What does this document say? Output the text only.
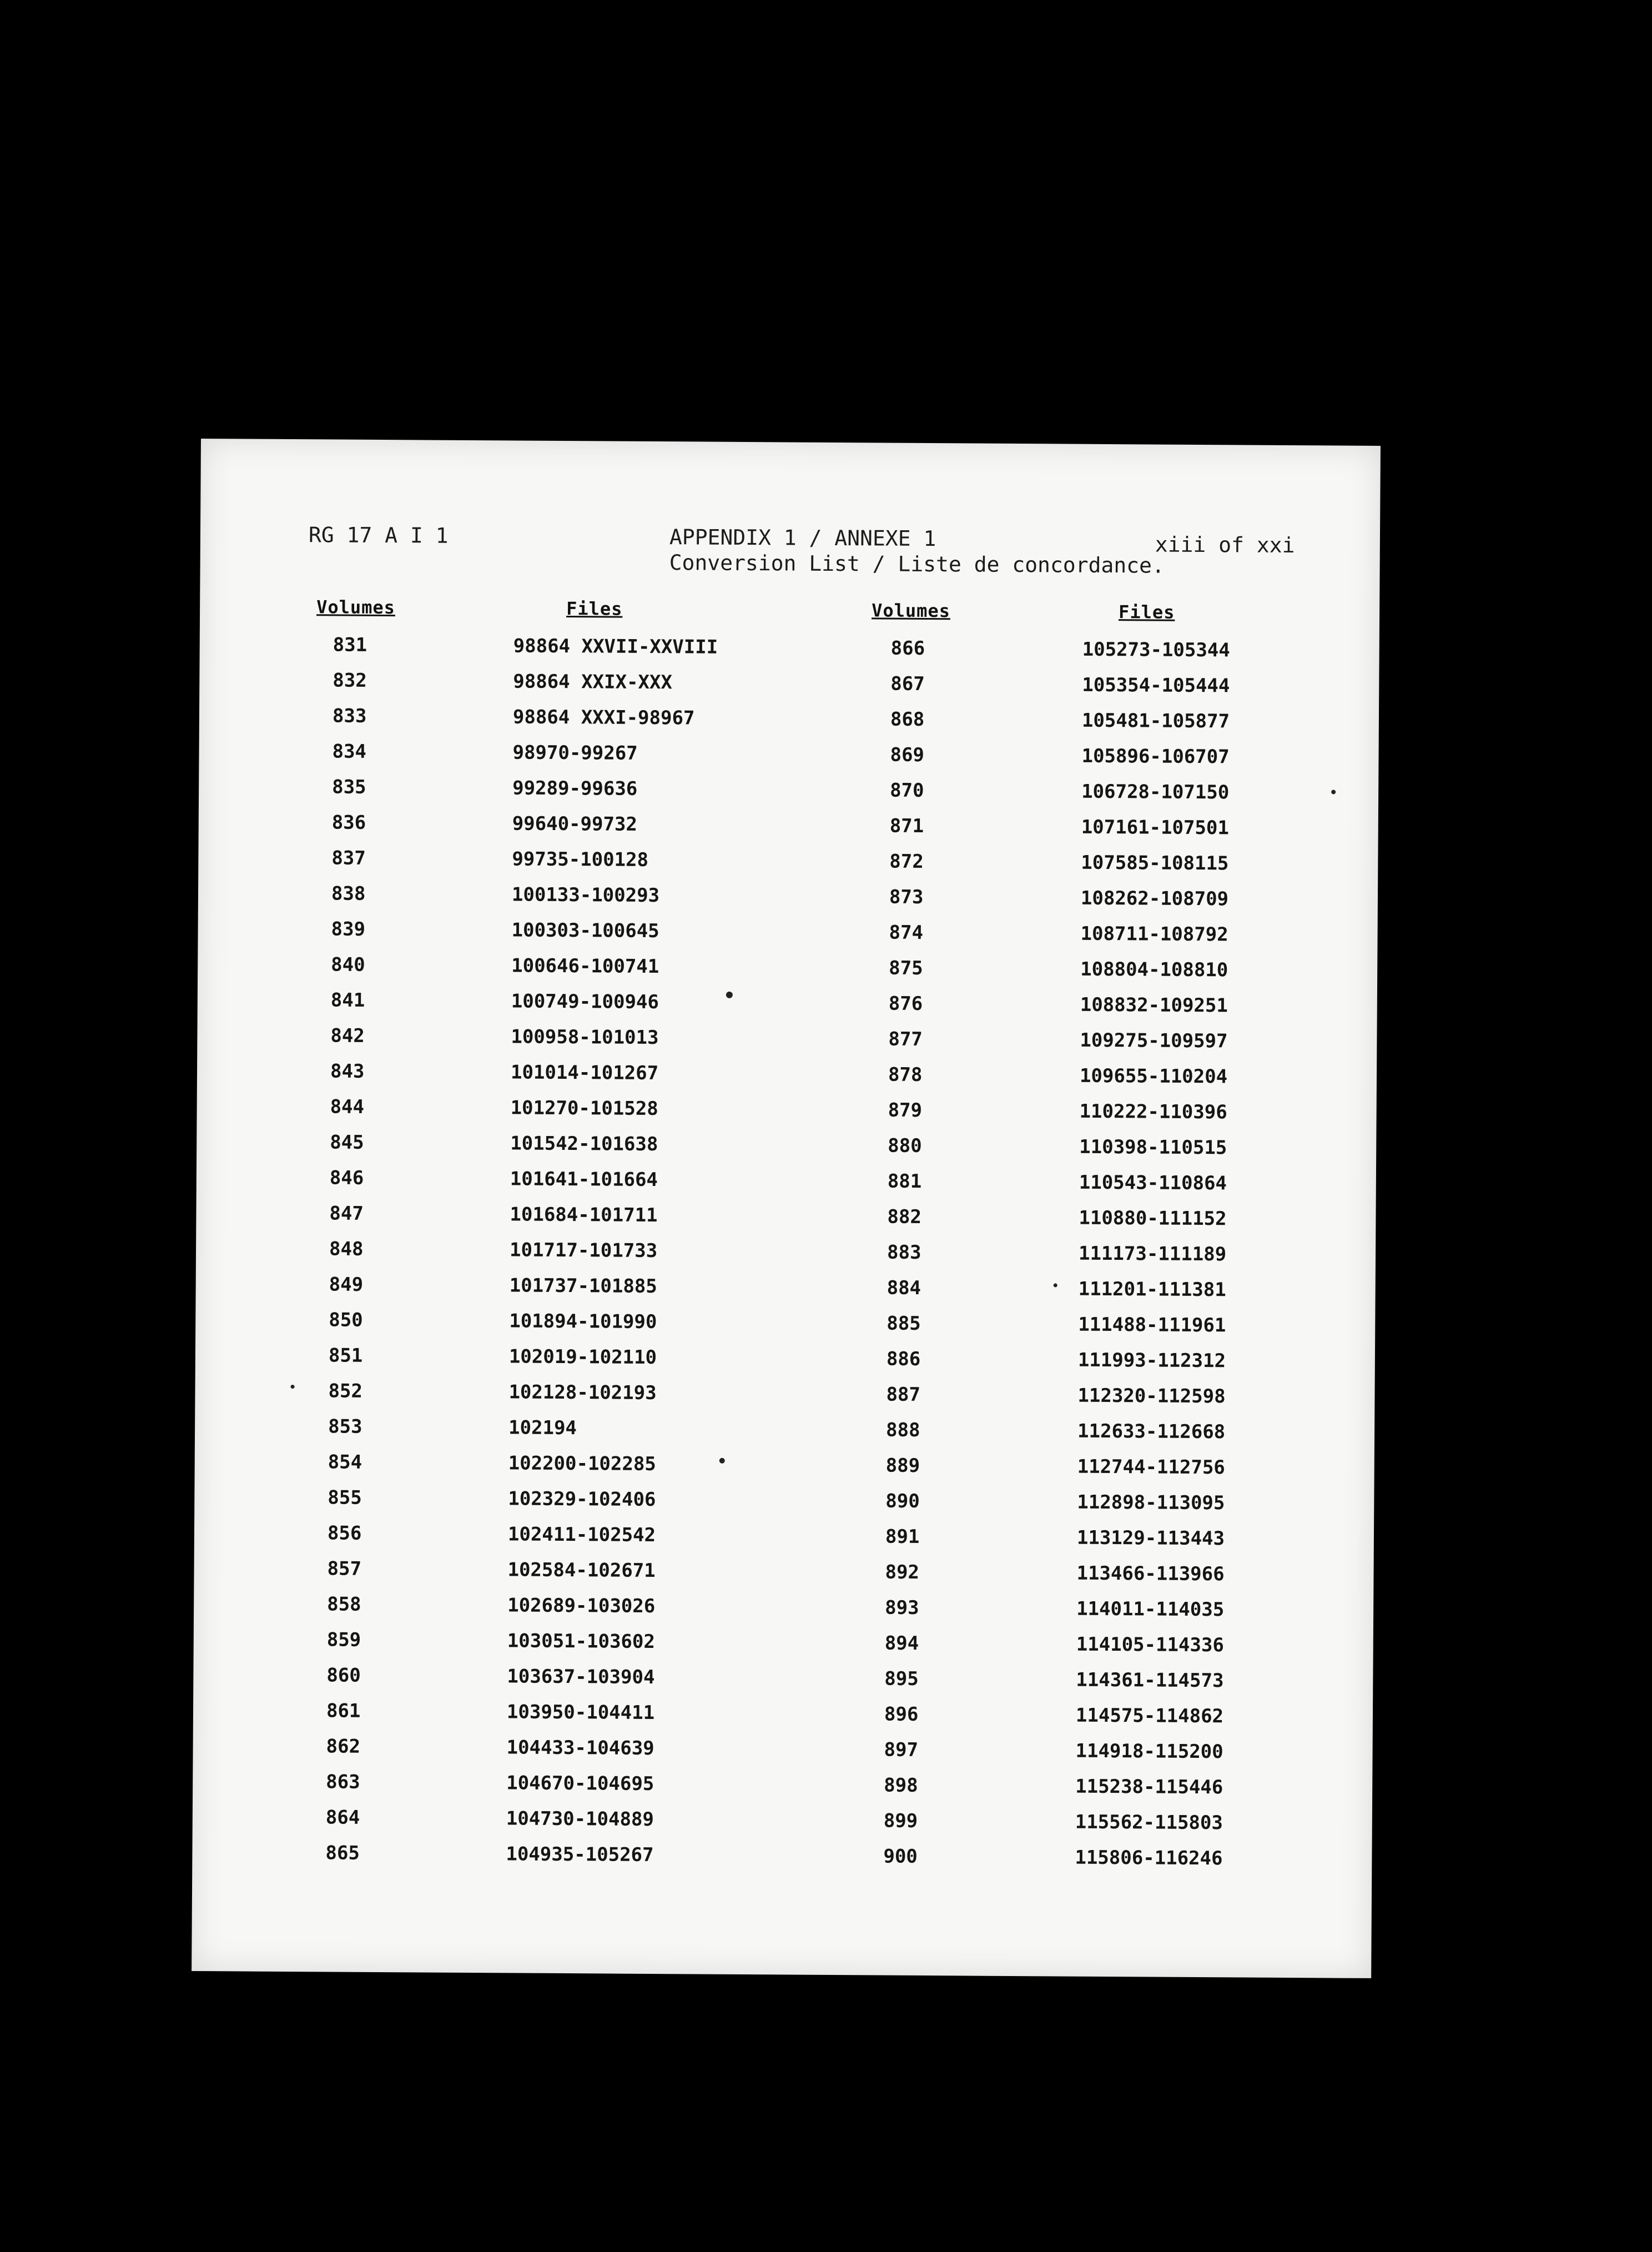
RG 17 A I 1	APPENDIX 1 / ANNEXE 1
Conversion List / Liste de concordance.
xiii of xxi
Volumes	Files	Volumes	Files
831	98864 XXVII-XXVIII	866	105273-105344
832	98864 XXIX-XXX	867	105354-105444
833	98864 XXXI-98967	868	105481-105877
834	98970-99267	869	105896-106707
835	99289-99636	870	106728-107150
836	99640-99732	871	107161-107501
837	99735-100128	872	107585-108115
838	100133-100293	873	108262-108709
839	100303-100645	874	108711-108792
840	100646-100741	875	108804-108810
841	100749-100946	876	108832-109251
842	100958-101013	877	109275-109597
843	101014-101267	878	109655-110204
844	101270-101528	879	110222-110396
845	101542-101638	880	110398-110515
846	101641-101664	881	110543-110864
847	101684-101711	882	110880-111152
848	101717-101733	883	111173-111189
849	101737-101885	884	111201-111381
850	101894-101990	885	111488-111961
851	102019-102110	886	111993-112312
852	102128-102193	887	112320-112598
853	102194	888	112633-112668
854	102200-102285	889	112744-112756
855	102329-102406	890	112898-113095
856	102411-102542	891	113129-113443
857	102584-102671	892	113466-113966
858	102689-103026	893	114011-114035
859	103051-103602	894	114105-114336
860	103637-103904	895	114361-114573
861	103950-104411	896	114575-114862
862	104433-104639	897	114918-115200
863	104670-104695	898	115238-115446
864	104730-104889	899	115562-115803
865	104935-105267	900	115806-116246
